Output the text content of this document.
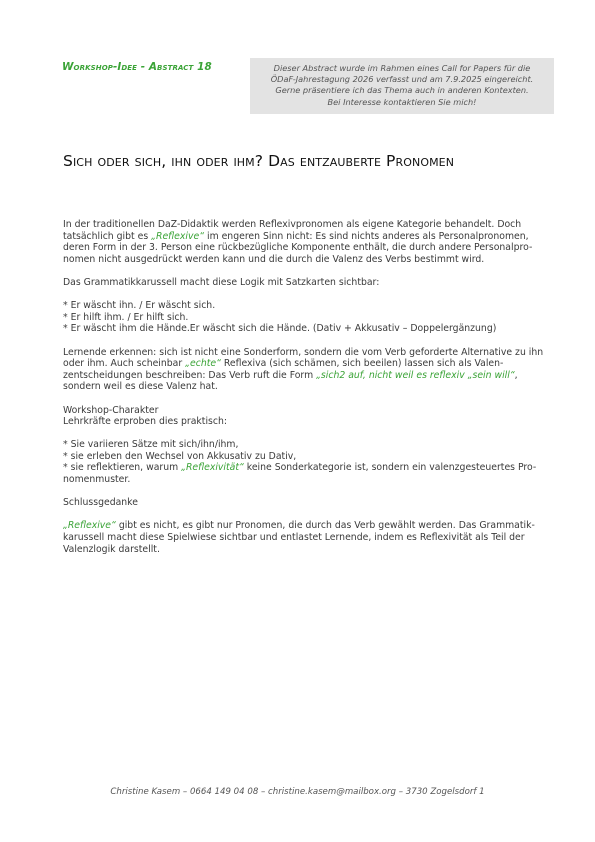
Workshop-Idee - Abstract 18	Dieser Abstract wurde im Rahmen eines Call for Papers für die
ÖDaF-Jahrestagung 2026 verfasst und am 7.9.2025 eingereicht.
Gerne präsentiere ich das Thema auch in anderen Kontexten.
Bei Interesse kontaktieren Sie mich!
Sich oder sich, ihn oder ihm? Das entzauberte Pronomen

In der traditionellen DaZ-Didaktik werden Reflexivpronomen als eigene Kategorie behandelt. Doch tatsächlich gibt es „Reflexive“ im engeren Sinn nicht: Es sind nichts anderes als Personalpronomen, deren Form in der 3. Person eine rückbezügliche Komponente enthält, die durch andere Personalpro-nomen nicht ausgedrückt werden kann und die durch die Valenz des Verbs bestimmt wird.

Das Grammatikkarussell macht diese Logik mit Satzkarten sichtbar:

* Er wäscht ihn. / Er wäscht sich.
* Er hilft ihm. / Er hilft sich.
* Er wäscht ihm die Hände.Er wäscht sich die Hände. (Dativ + Akkusativ – Doppelergänzung)

Lernende erkennen: sich ist nicht eine Sonderform, sondern die vom Verb geforderte Alternative zu ihn oder ihm. Auch scheinbar „echte“ Reflexiva (sich schämen, sich beeilen) lassen sich als Valen-zentscheidungen beschreiben: Das Verb ruft die Form „sich2 auf, nicht weil es reflexiv „sein will“, sondern weil es diese Valenz hat.

Workshop-Charakter
Lehrkräfte erproben dies praktisch:

* Sie variieren Sätze mit sich/ihn/ihm,
* sie erleben den Wechsel von Akkusativ zu Dativ,
* sie reflektieren, warum „Reflexivität“ keine Sonderkategorie ist, sondern ein valenzgesteuertes Pro-nomenmuster.

Schlussgedanke

„Reflexive“ gibt es nicht, es gibt nur Pronomen, die durch das Verb gewählt werden. Das Grammatik-karussell macht diese Spielwiese sichtbar und entlastet Lernende, indem es Reflexivität als Teil der Valenzlogik darstellt.

Christine Kasem – 0664 149 04 08 – christine.kasem@mailbox.org – 3730 Zogelsdorf 1
